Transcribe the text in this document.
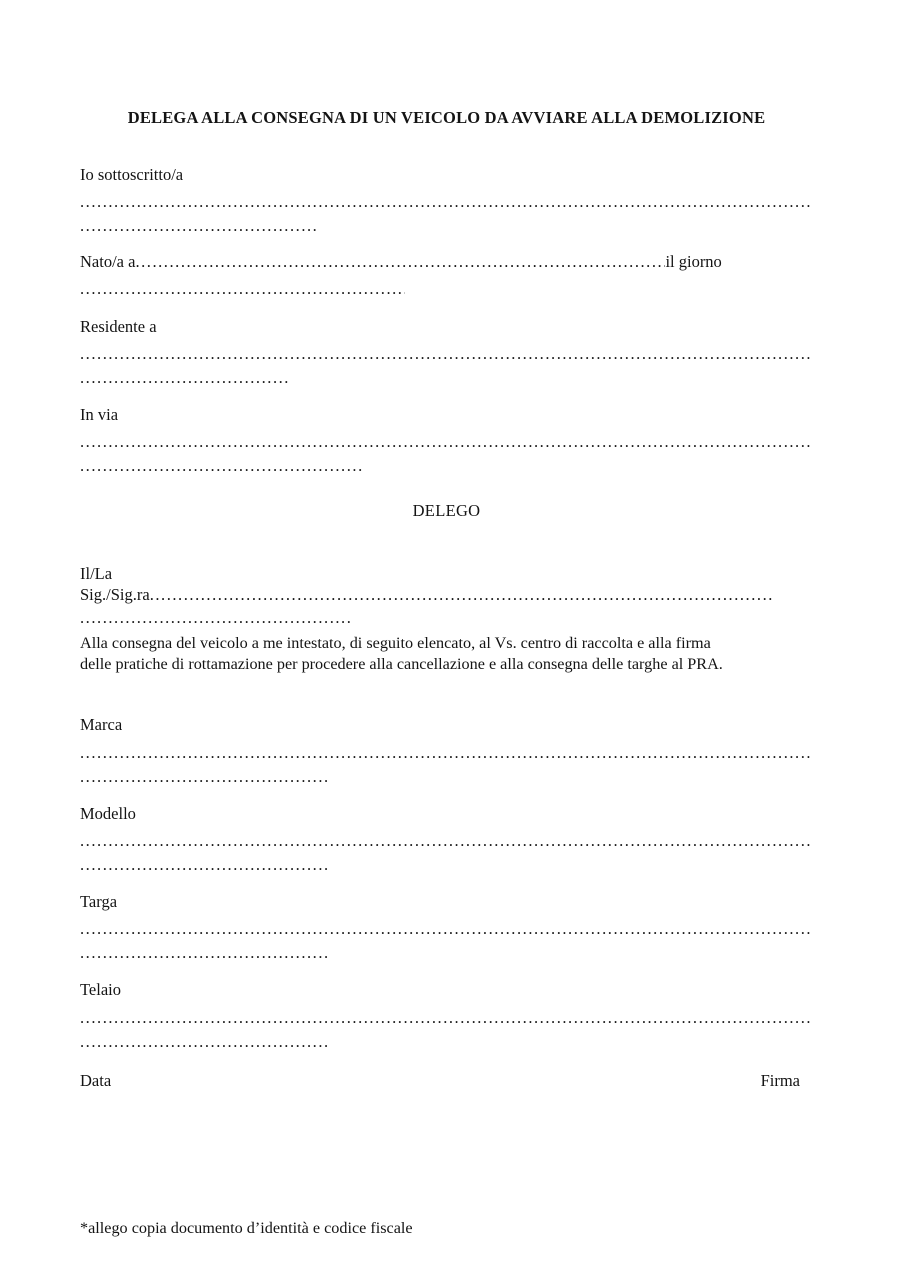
DELEGA ALLA CONSEGNA DI UN VEICOLO DA AVVIARE ALLA DEMOLIZIONE
Io sottoscritto/a
.....
.....
Nato/a a .....	il giorno
.....
Residente a
.....
.....
In via
.....
.....
DELEGO
Il/La
Sig./Sig.ra
.....
.....
Alla consegna del veicolo a me intestato, di seguito elencato, al Vs. centro di raccolta e alla firma
delle pratiche di rottamazione per procedere alla cancellazione e alla consegna delle targhe al PRA.
Marca
.....
.....
Modello
.....
.....
Targa
.....
.....
Telaio
.....
.....
Data	Firma
*allego copia documento d’identità e codice fiscale
